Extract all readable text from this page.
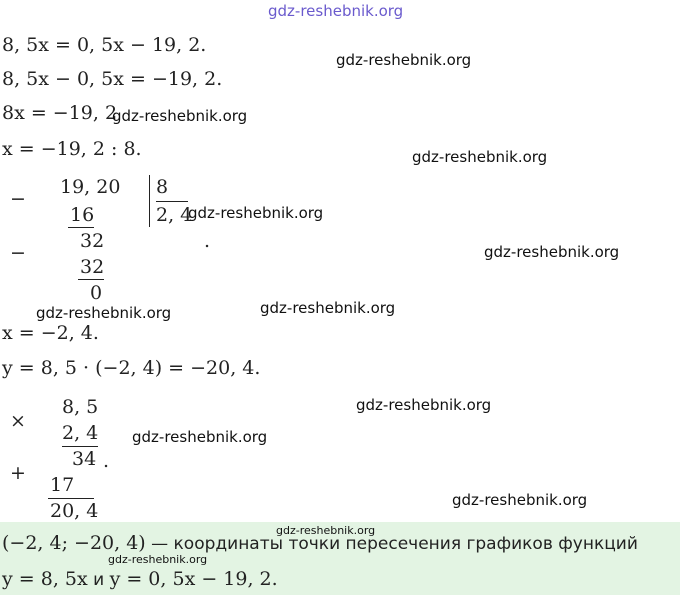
gdz-reshebnik.org
8, 5x = 0, 5x − 19, 2.
8, 5x − 0, 5x = −19, 2.
8x = −19, 2
x = −19, 2 : 8.
−
19, 20
16
−
32
32
0
8
2, 4
.
x = −2, 4.
y = 8, 5 · (−2, 4) = −20, 4.
×
8, 5
2, 4
34 .
+
17
20, 4
(−2, 4; −20, 4) — координаты точки пересечения графиков функций
y = 8, 5x и y = 0, 5x − 19, 2.
gdz-reshebnik.org
gdz-reshebnik.org
gdz-reshebnik.org
gdz-reshebnik.org
gdz-reshebnik.org
gdz-reshebnik.org	gdz-reshebnik.org
gdz-reshebnik.org
gdz-reshebnik.org
gdz-reshebnik.org
gdz-reshebnik.org
gdz-reshebnik.org
